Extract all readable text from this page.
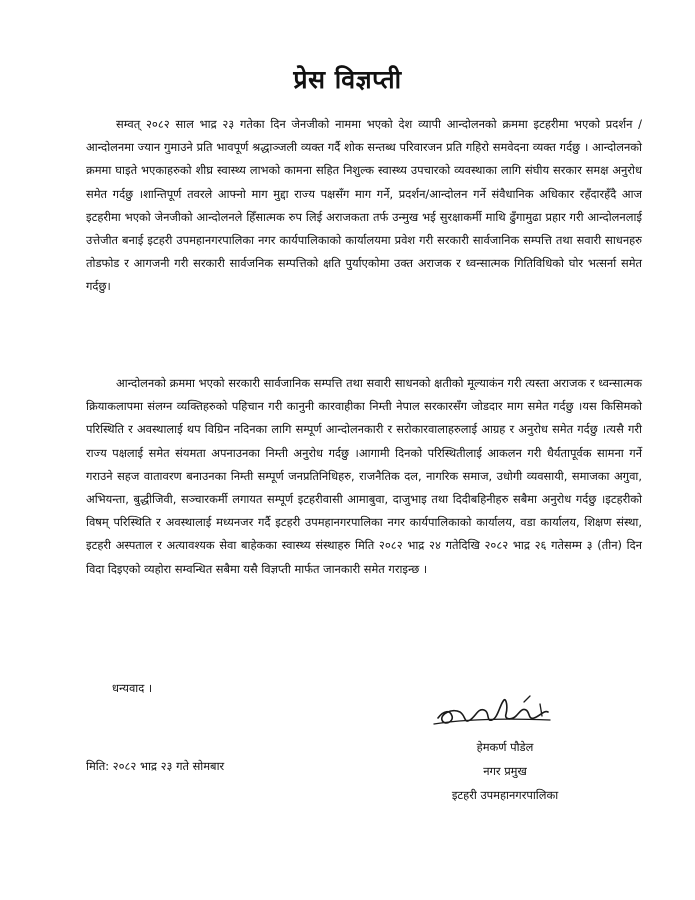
प्रेस विज्ञप्ती

सम्वत् २०८२ साल भाद्र २३ गतेका दिन जेनजीको नाममा भएको देश व्यापी आन्दोलनको क्रममा इटहरीमा भएको प्रदर्शन / आन्दोलनमा ज्यान गुमाउने प्रति भावपूर्ण श्रद्धाञ्जली व्यक्त गर्दै शोक सन्तब्ध परिवारजन प्रति गहिरो समवेदना व्यक्त गर्दछु । आन्दोलनको क्रममा घाइते भएकाहरुको शीघ्र स्वास्थ्य लाभको कामना सहित निशुल्क स्वास्थ्य उपचारको व्यवस्थाका लागि संघीय सरकार समक्ष अनुरोध समेत गर्दछु ।शान्तिपूर्ण तवरले आफ्नो माग मुद्दा राज्य पक्षसँग माग गर्ने, प्रदर्शन/आन्दोलन गर्ने संवैधानिक अधिकार रहँदारहँदै आज इटहरीमा भएको जेनजीको आन्दोलनले हिँसात्मक रुप लिई अराजकता तर्फ उन्मुख भई सुरक्षाकर्मी माथि ढुँगामुढा प्रहार गरी आन्दोलनलाई उत्तेजीत बनाई इटहरी उपमहानगरपालिका नगर कार्यपालिकाको कार्यालयमा प्रवेश गरी सरकारी सार्वजानिक सम्पत्ति तथा सवारी साधनहरु तोडफोड र आगजनी गरी सरकारी सार्वजनिक सम्पत्तिको क्षति पुर्याएकोमा उक्त अराजक र ध्वन्सात्मक गितिविधिको घोर भत्सर्ना समेत गर्दछु।

आन्दोलनको क्रममा भएको सरकारी सार्वजानिक सम्पत्ति तथा सवारी साधनको क्षतीको मूल्याकंन गरी त्यस्ता अराजक र ध्वन्सात्मक क्रियाकलापमा संलग्न व्यक्तिहरुको पहिचान गरी कानुनी कारवाहीका निम्ती नेपाल सरकारसँग जोडदार माग समेत गर्दछु ।यस किसिमको परिस्थिति र अवस्थालाई थप विग्रिन नदिनका लागि सम्पूर्ण आन्दोलनकारी र सरोकारवालाहरुलाई आग्रह र अनुरोध समेत गर्दछु ।त्यसै गरी राज्य पक्षलाई समेत संयमता अपनाउनका निम्ती अनुरोध गर्दछु ।आगामी दिनको परिस्थितीलाई आकलन गरी धैर्यतापूर्वक सामना गर्ने गराउने सहज वातावरण बनाउनका निम्ती सम्पूर्ण जनप्रतिनिधिहरु, राजनैतिक दल, नागरिक समाज, उधोगी व्यवसायी, समाजका अगुवा, अभियन्ता, बुद्धीजिवी, सञ्चारकर्मी लगायत सम्पूर्ण इटहरीवासी आमाबुवा, दाजुभाइ तथा दिदीबहिनीहरु सबैमा अनुरोध गर्दछु ।इटहरीको विषम् परिस्थिति र अवस्थालाई मध्यनजर गर्दै इटहरी उपमहानगरपालिका नगर कार्यपालिकाको कार्यालय, वडा कार्यालय, शिक्षण संस्था, इटहरी अस्पताल र अत्यावश्यक सेवा बाहेकका स्वास्थ्य संस्थाहरु मिति २०८२ भाद्र २४ गतेदिखि २०८२ भाद्र २६ गतेसम्म ३ (तीन) दिन विदा दिइएको व्यहोरा सम्वन्धित सबैमा यसै विज्ञप्ती मार्फत जानकारी समेत गराइन्छ ।

धन्यवाद ।
हेमकर्ण पौडेल
नगर प्रमुख
इटहरी उपमहानगरपालिका
मिति: २०८२ भाद्र २३ गते सोमबार
